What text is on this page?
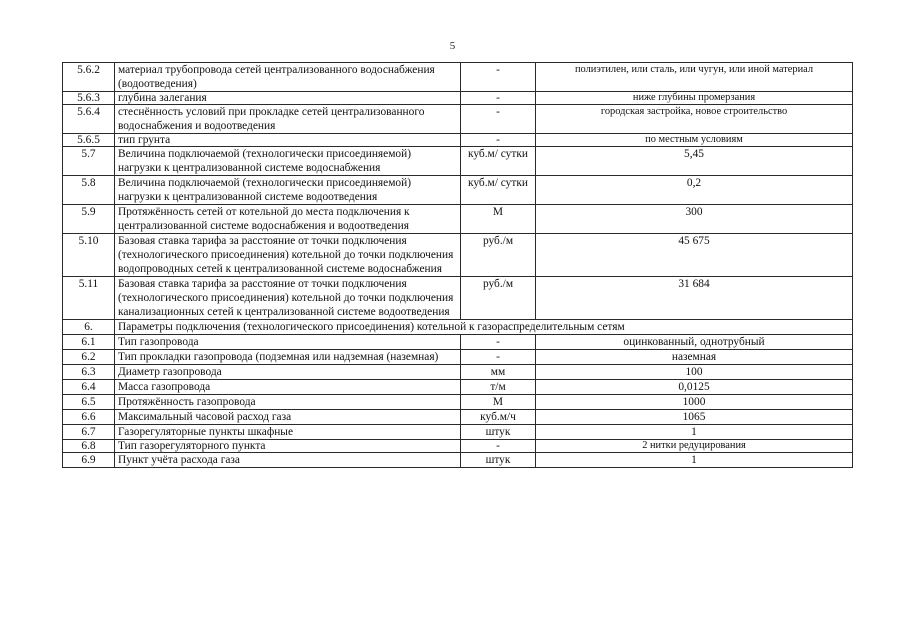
5
5.6.2	материал трубопровода сетей централизованного водоснабжения (водоотведения)	-	полиэтилен, или сталь, или чугун, или иной материал
5.6.3	глубина залегания	-	ниже глубины промерзания
5.6.4	стеснённость условий при прокладке сетей централизованного водоснабжения и водоотведения	-	городская застройка, новое строительство
5.6.5	тип грунта	-	по местным условиям
5.7	Величина подключаемой (технологически присоединяемой) нагрузки к централизованной системе водоснабжения	куб.м/ сутки	5,45
5.8	Величина подключаемой (технологически присоединяемой) нагрузки к централизованной системе водоотведения	куб.м/ сутки	0,2
5.9	Протяжённость сетей от котельной до места подключения к централизованной системе водоснабжения и водоотведения	М	300
5.10	Базовая ставка тарифа за расстояние от точки подключения (технологического присоединения) котельной до точки подключения водопроводных сетей к централизованной системе водоснабжения	руб./м	45 675
5.11	Базовая ставка тарифа за расстояние от точки подключения (технологического присоединения) котельной до точки подключения канализационных сетей к централизованной системе водоотведения	руб./м	31 684
6.	Параметры подключения (технологического присоединения) котельной к газораспределительным сетям		
6.1	Тип газопровода	-	оцинкованный, однотрубный
6.2	Тип прокладки газопровода (подземная или надземная (наземная)	-	наземная
6.3	Диаметр газопровода	мм	100
6.4	Масса газопровода	т/м	0,0125
6.5	Протяжённость газопровода	М	1000
6.6	Максимальный часовой расход газа	куб.м/ч	1065
6.7	Газорегуляторные пункты шкафные	штук	1
6.8	Тип газорегуляторного пункта	-	2 нитки редуцирования
6.9	Пункт учёта расхода газа	штук	1
